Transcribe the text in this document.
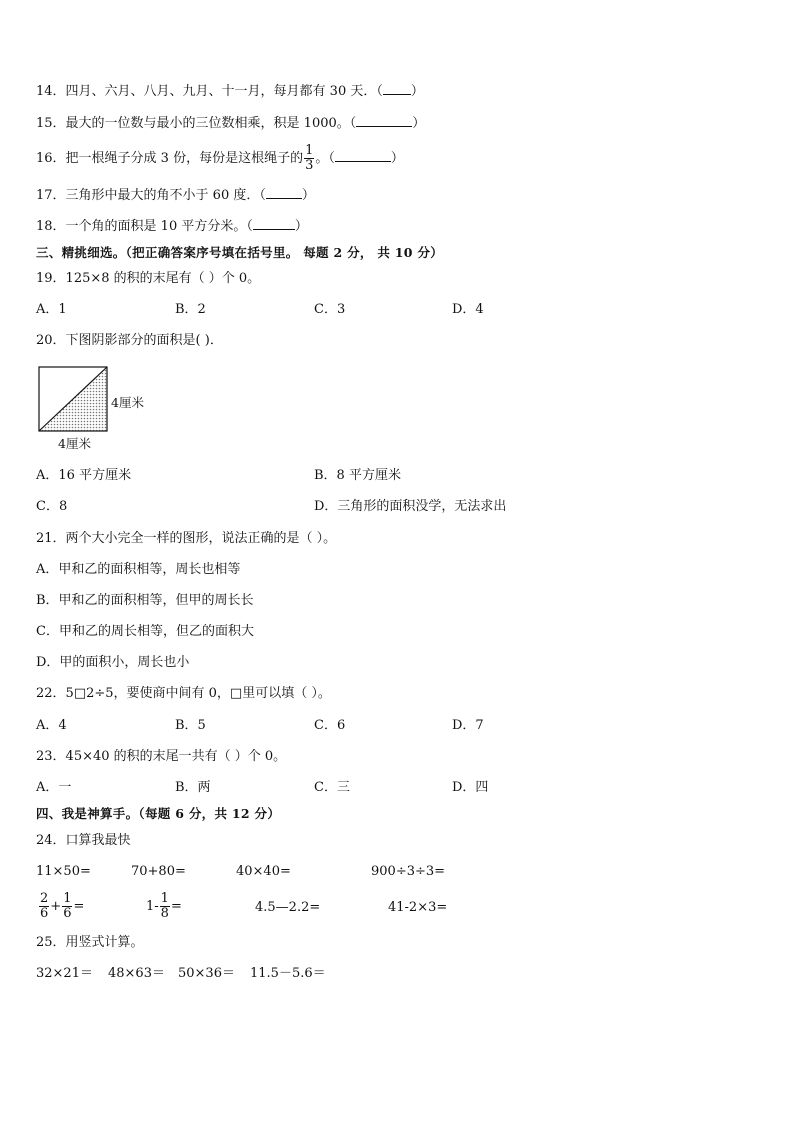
14．四月、六月、八月、九月、十一月，每月都有 30 天．（ ）
15．最大的一位数与最小的三位数相乘，积是 1000。（	）
16．把一根绳子分成 3 份，每份是这根绳子的 $\frac{1}{3}$ 。（	）
17．三角形中最大的角不小于 60 度．（	）
18．一个角的面积是 10 平方分米。（	）
三、精挑细选。（把正确答案序号填在括号里。 每题 2 分， 共 10 分）
19．125×8 的积的末尾有（ ）个 0。
A．1	B．2	C．3	D．4
20．下图阴影部分的面积是( )．
4厘米
4厘米
A．16 平方厘米	B．8 平方厘米
C．8	D．三角形的面积没学，无法求出
21．两个大小完全一样的图形，说法正确的是（ ）。
A．甲和乙的面积相等，周长也相等
B．甲和乙的面积相等，但甲的周长长
C．甲和乙的周长相等，但乙的面积大
D．甲的面积小，周长也小
22．5□2÷5，要使商中间有 0，□里可以填（ ）。
A．4	B．5	C．6	D．7
23．45×40 的积的末尾一共有（ ）个 0。
A．一	B．两	C．三	D．四
四、我是神算手。（每题 6 分，共 12 分）
24．口算我最快
11×50=	70+80=	40×40=	900÷3÷3=
$\frac{2}{6} + \frac{1}{6}$ =	$1- \frac{1}{8}$ =	4.5—2.2=	41-2×3=
25．用竖式计算。
32×21＝ 48×63＝ 50×36＝ 11.5－5.6＝
